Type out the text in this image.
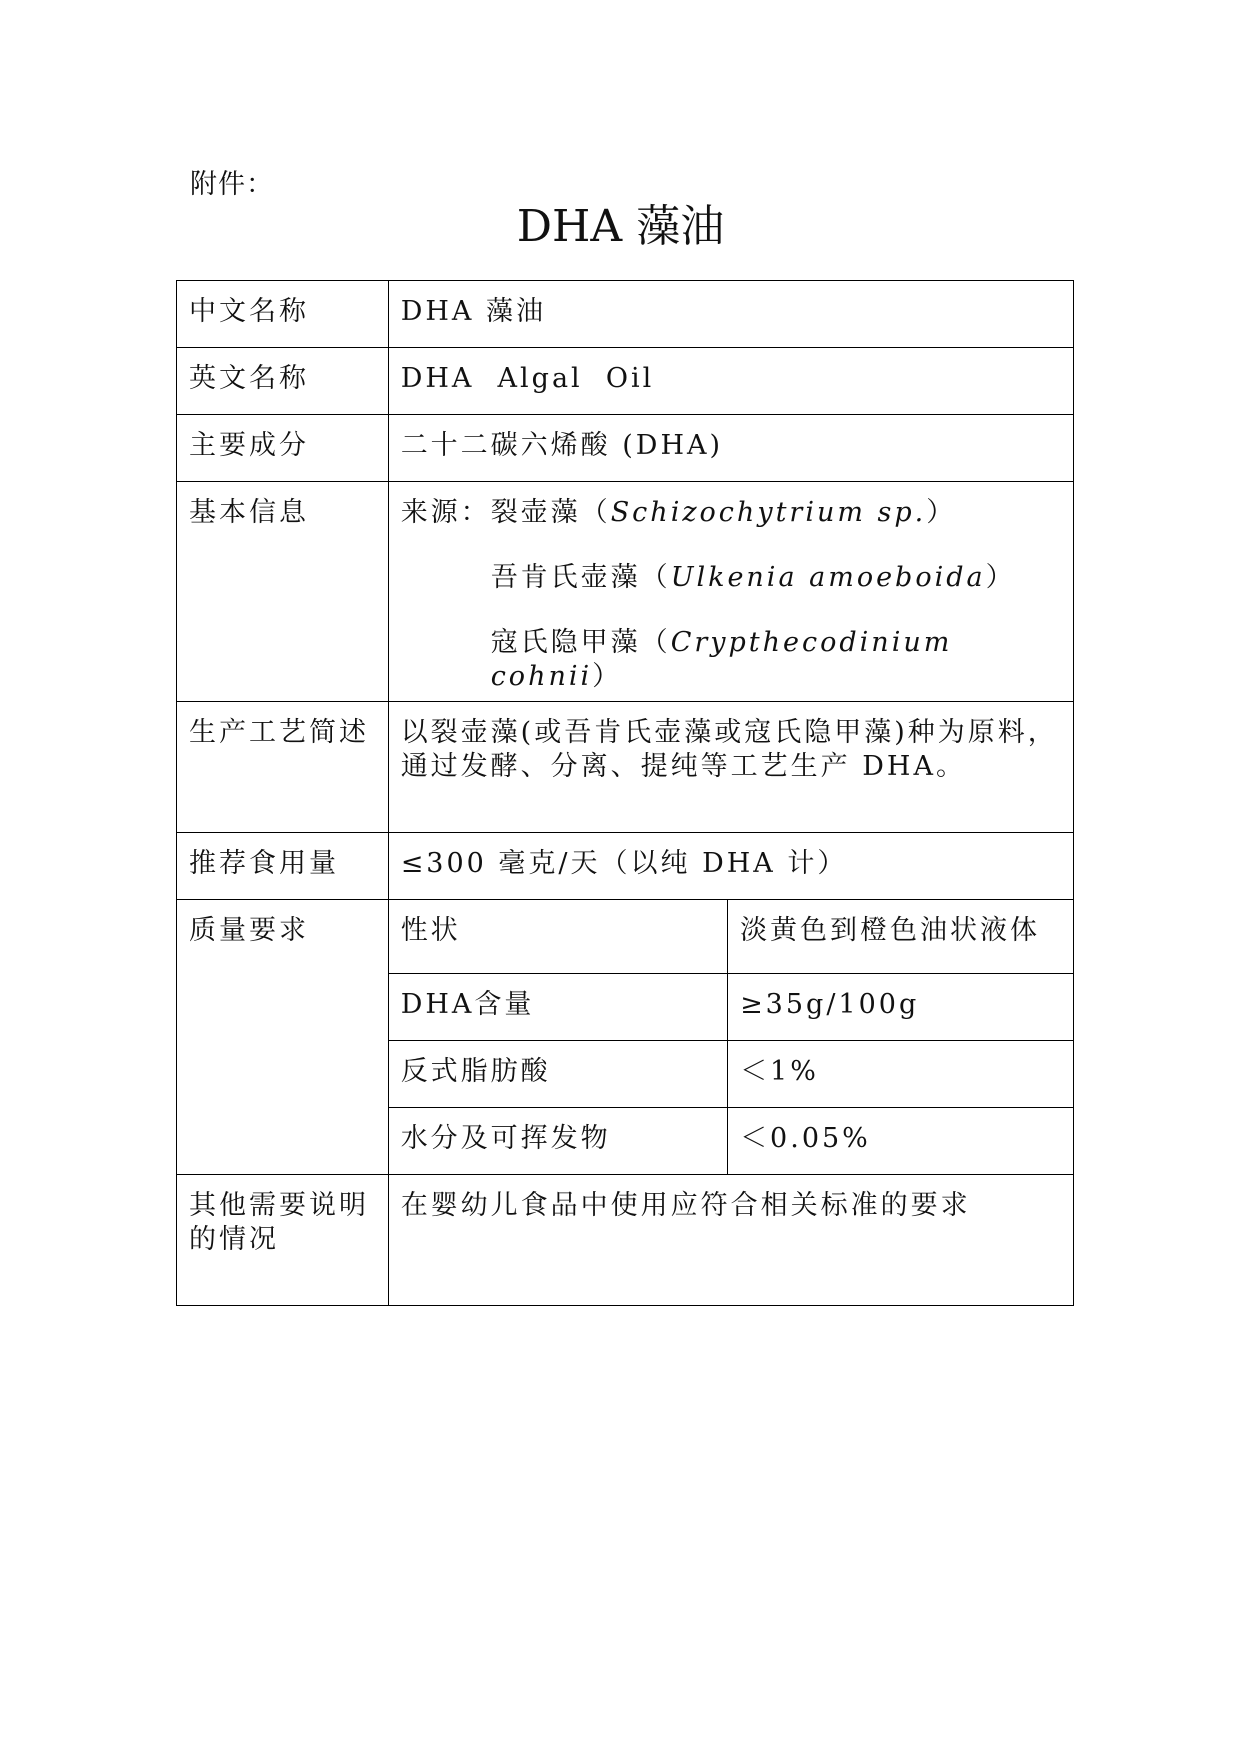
附件：
DHA 藻油
中文名称	DHA 藻油	
英文名称	DHA  Algal  Oil	
主要成分	二十二碳六烯酸 (DHA)	
基本信息	来源：裂壶藻（Schizochytrium sp.）
吾肯氏壶藻（Ulkenia amoeboida）
寇氏隐甲藻（Crypthecodinium cohnii）	

生产工艺简述	以裂壶藻(或吾肯氏壶藻或寇氏隐甲藻)种为原料，
通过发酵、分离、提纯等工艺生产 DHA。	

推荐食用量	≤300 毫克/天（以纯 DHA 计）	
质量要求	性状	淡黄色到橙色油状液体
	DHA含量	≥35g/100g
	反式脂肪酸	＜1%
	水分及可挥发物	＜0.05%
其他需要说明的情况	在婴幼儿食品中使用应符合相关标准的要求	
